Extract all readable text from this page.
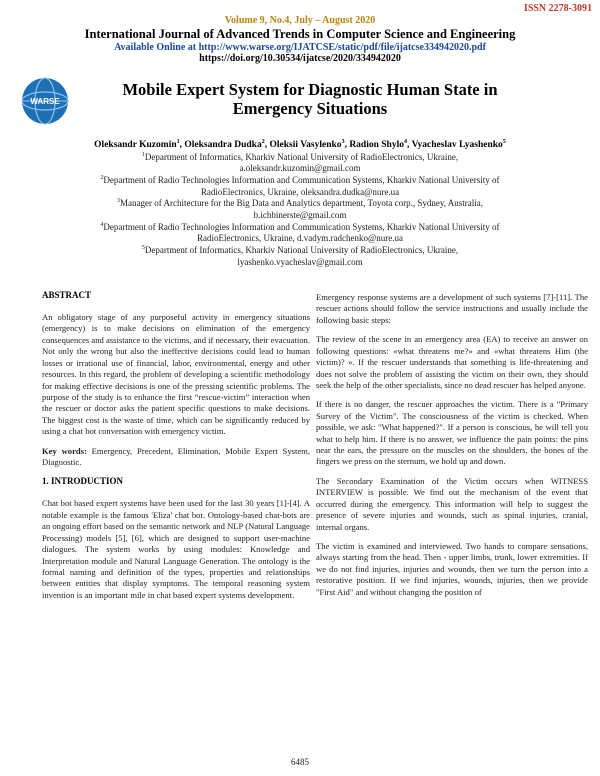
ISSN 2278-3091
Volume 9, No.4, July – August 2020
International Journal of Advanced Trends in Computer Science and Engineering
Available Online at http://www.warse.org/IJATCSE/static/pdf/file/ijatcse334942020.pdf
https://doi.org/10.30534/ijatcse/2020/334942020
WARSE
Mobile Expert System for Diagnostic Human State in
Emergency Situations
Oleksandr Kuzomin$^1$, Oleksandra Dudka$^2$, Oleksii Vasylenko$^3$, Radion Shylo$^4$, Vyacheslav Lyashenko$^5$
$^1$Department of Informatics, Kharkiv National University of RadioElectronics, Ukraine,
a.oleksandr.kuzomin@gmail.com
$^2$Department of Radio Technologies Information and Communication Systems, Kharkiv National University of
RadioElectronics, Ukraine, oleksandra.dudka@nure.ua
$^3$Manager of Architecture for the Big Data and Analytics department, Toyota corp., Sydney, Australia,
b.ichbinerste@gmail.com
$^4$Department of Radio Technologies Information and Communication Systems, Kharkiv National University of
RadioElectronics, Ukraine, d.vadym.radchenko@nure.ua
$^5$Department of Informatics, Kharkiv National University of RadioElectronics, Ukraine,
lyashenko.vyacheslav@gmail.com
ABSTRACT

An obligatory stage of any purposeful activity in emergency situations (emergency) is to make decisions on elimination of the emergency consequences and assistance to the victims, and if necessary, their evacuation. Not only the wrong but also the ineffective decisions could lead to human losses or irrational use of financial, labor, environmental, energy and other resources. In this regard, the problem of developing a scientific methodology for making effective decisions is one of the pressing scientific problems. The purpose of the study is to enhance the first “rescue-victim” interaction when the rescuer or doctor asks the patient specific questions to make decisions. The biggest cost is the waste of time, which can be significantly reduced by using a chat bot conversation with emergency victim.

Key words: Emergency, Precedent, Elimination, Mobile Expert System, Diagnostic.

1. INTRODUCTION

Chat bot based expert systems have been used for the last 30 years [1]-[4]. A notable example is the famous 'Eliza' chat bot. Ontology-based chat-bots are an ongoing effort based on the semantic network and NLP (Natural Language Processing) models [5], [6], which are designed to support user-machine dialogues. The system works by using modules: Knowledge and Interpretation module and Natural Language Generation. The ontology is the formal naming and definition of the types, properties and relationships between entities that display symptoms. The temporal reasoning system invention is an important mile in chat based expert systems development.

Emergency response systems are a development of such systems [7]-[11]. The rescuer actions should follow the service instructions and usually include the following basic steps:

The review of the scene in an emergency area (EA) to receive an answer on following questions: «what threatens me?» and «what threatens Him (the victim)? ». If the rescuer understands that something is life-threatening and does not solve the problem of assisting the victim on their own, they should seek the help of the other specialists, since no dead rescuer has helped anyone.

If there is no danger, the rescuer approaches the victim. There is a "Primary Survey of the Victim". The consciousness of the victim is checked. When possible, we ask: "What happened?". If a person is conscious, he will tell you what to help him. If there is no answer, we influence the pain points: the pins near the ears, the pressure on the muscles on the shoulders, the bones of the fingers we press on the sternum, we hold up and down.

The Secondary Examination of the Victim occurs when WITNESS INTERVIEW is possible. We find out the mechanism of the event that occurred during the emergency. This information will help to suggest the presence of severe injuries and wounds, such as spinal injuries, cranial, internal organs.

The victim is examined and interviewed. Two hands to compare sensations, always starting from the head. Then - upper limbs, trunk, lower extremities. If we do not find injuries, injuries and wounds, then we turn the person into a restorative position. If we find injuries, wounds, injuries, then we provide "First Aid" and without changing the position of

6485
